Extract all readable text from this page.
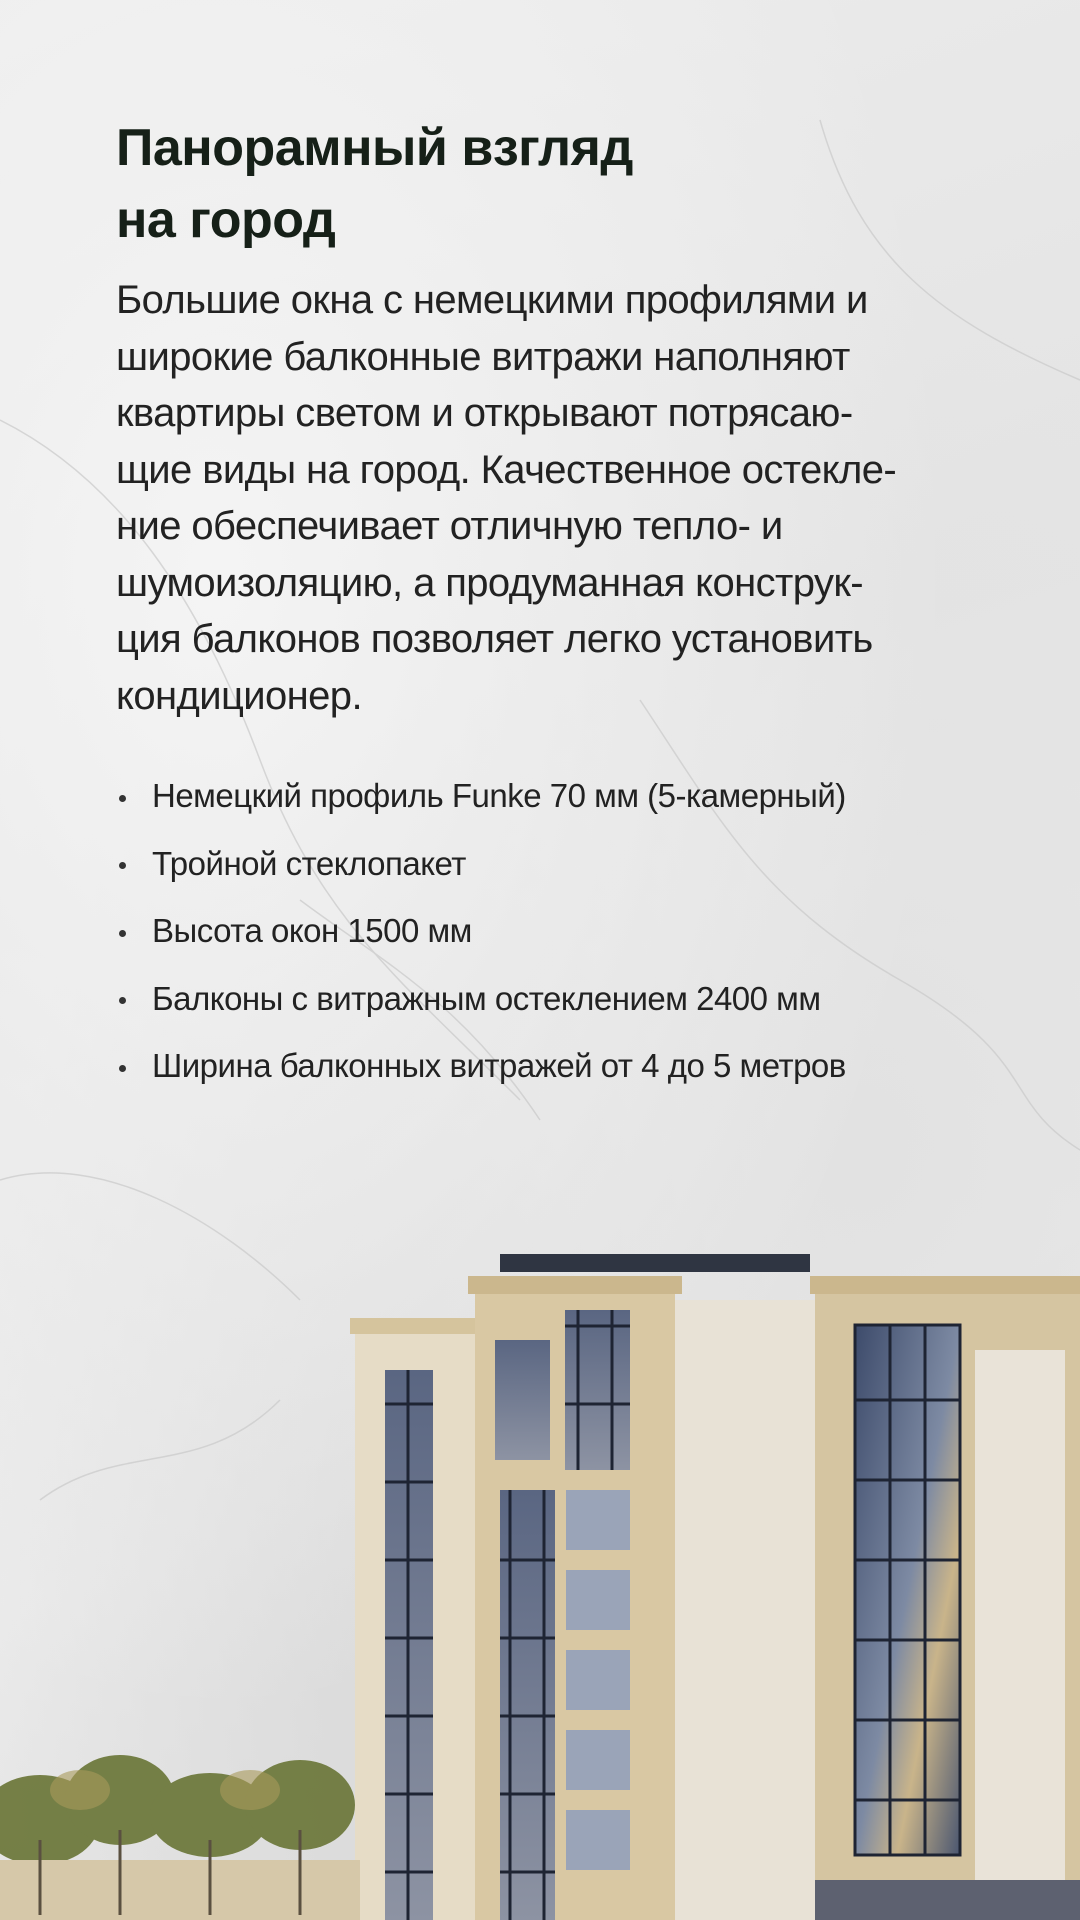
Панорамный взгляд
на город
Большие окна с немецкими профилями и
широкие балконные витражи наполняют
квартиры светом и открывают потрясаю-
щие виды на город. Качественное остекле-
ние обеспечивает отличную тепло- и
шумоизоляцию, а продуманная конструк-
ция балконов позволяет легко установить
кондиционер.
Немецкий профиль Funke 70 мм (5-камерный)
Тройной стеклопакет
Высота окон 1500 мм
Балконы с витражным остеклением 2400 мм
Ширина балконных витражей от 4 до 5 метров
